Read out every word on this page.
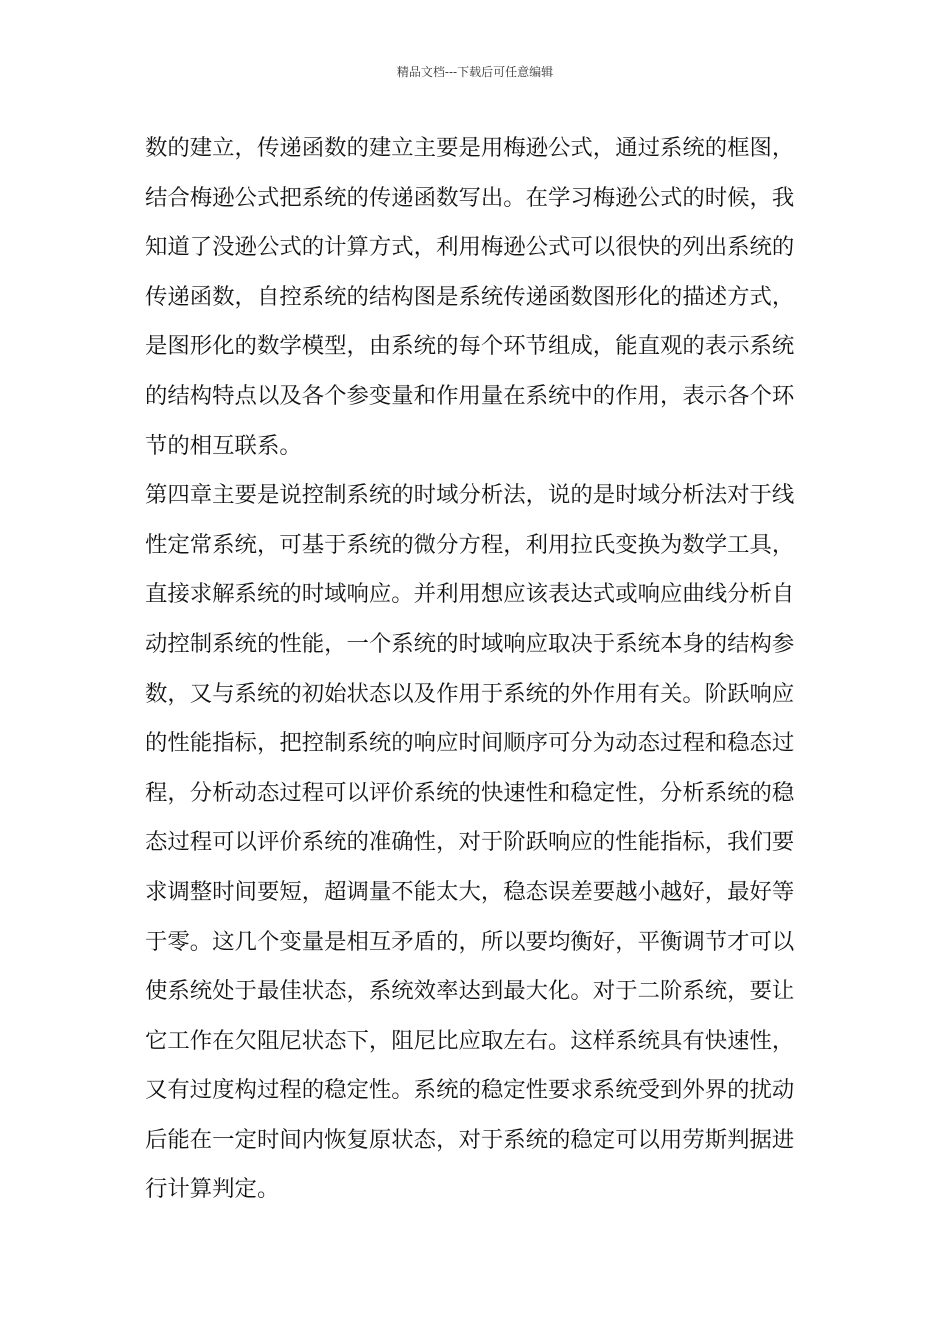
精品文档---下载后可任意编辑
数的建立，传递函数的建立主要是用梅逊公式，通过系统的框图，
结合梅逊公式把系统的传递函数写出。在学习梅逊公式的时候，我
知道了没逊公式的计算方式，利用梅逊公式可以很快的列出系统的
传递函数，自控系统的结构图是系统传递函数图形化的描述方式，
是图形化的数学模型，由系统的每个环节组成，能直观的表示系统
的结构特点以及各个参变量和作用量在系统中的作用，表示各个环
节的相互联系。
第四章主要是说控制系统的时域分析法，说的是时域分析法对于线
性定常系统，可基于系统的微分方程，利用拉氏变换为数学工具，
直接求解系统的时域响应。并利用想应该表达式或响应曲线分析自
动控制系统的性能，一个系统的时域响应取决于系统本身的结构参
数，又与系统的初始状态以及作用于系统的外作用有关。阶跃响应
的性能指标，把控制系统的响应时间顺序可分为动态过程和稳态过
程，分析动态过程可以评价系统的快速性和稳定性，分析系统的稳
态过程可以评价系统的准确性，对于阶跃响应的性能指标，我们要
求调整时间要短，超调量不能太大，稳态误差要越小越好，最好等
于零。这几个变量是相互矛盾的，所以要均衡好，平衡调节才可以
使系统处于最佳状态，系统效率达到最大化。对于二阶系统，要让
它工作在欠阻尼状态下，阻尼比应取左右。这样系统具有快速性，
又有过度构过程的稳定性。系统的稳定性要求系统受到外界的扰动
后能在一定时间内恢复原状态，对于系统的稳定可以用劳斯判据进
行计算判定。
